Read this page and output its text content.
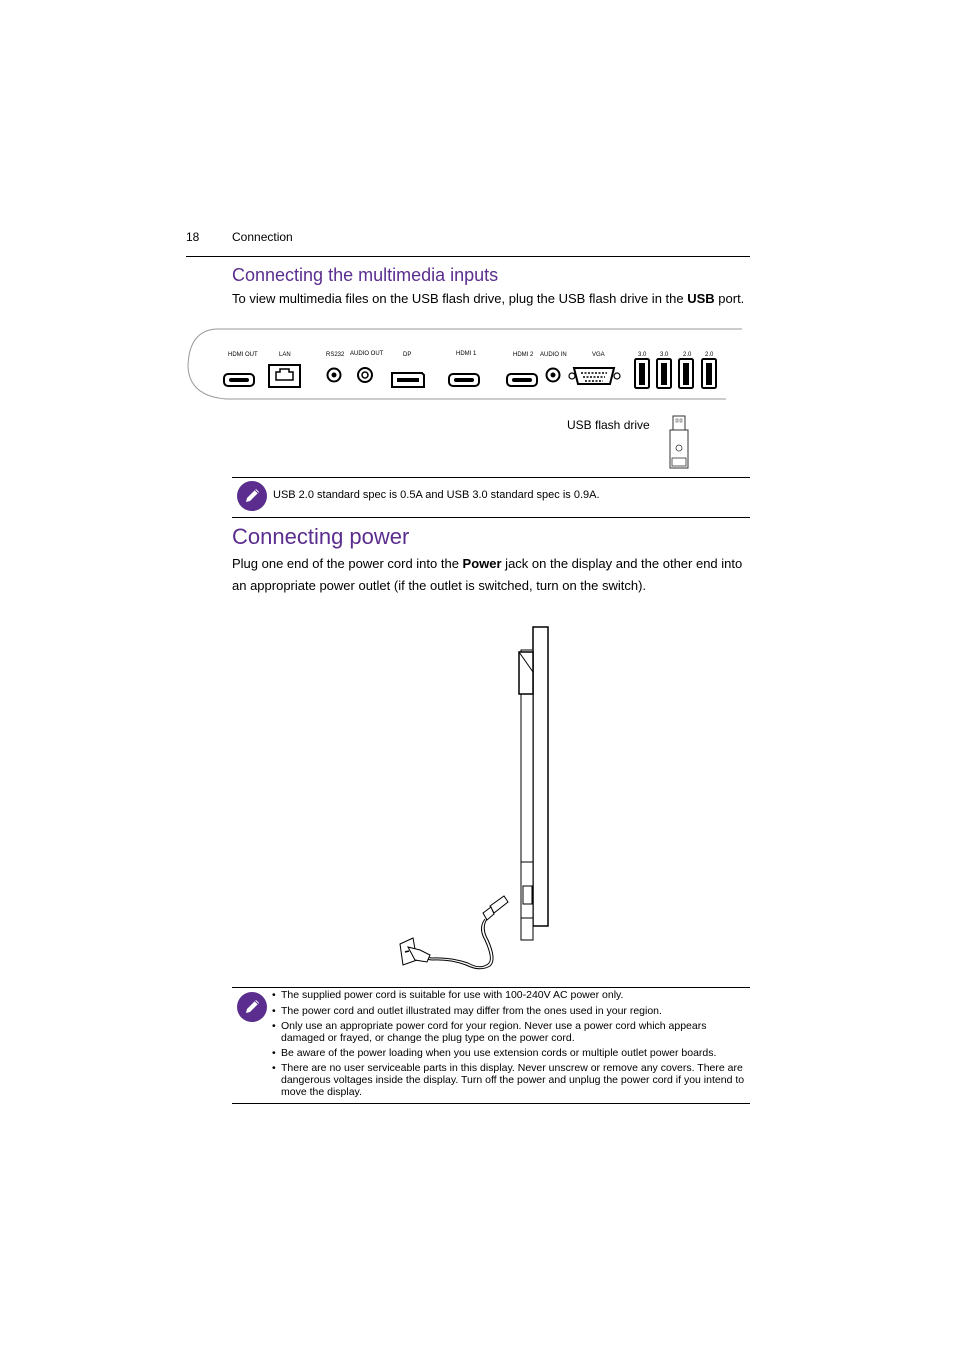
18	Connection
Connecting the multimedia inputs
To view multimedia files on the USB flash drive, plug the USB flash drive in the USB port.
HDMI OUT	LAN	RS232 AUDIO OUT	DP	HDMI 1	HDMI 2 AUDIO IN	VGA	3.0 3.0 2.0 2.0
USB flash drive
USB 2.0 standard spec is 0.5A and USB 3.0 standard spec is 0.9A.
Connecting power
Plug one end of the power cord into the Power jack on the display and the other end into an appropriate power outlet (if the outlet is switched, turn on the switch).
• The supplied power cord is suitable for use with 100-240V AC power only.
• The power cord and outlet illustrated may differ from the ones used in your region.
• Only use an appropriate power cord for your region. Never use a power cord which appears damaged or frayed, or change the plug type on the power cord.
• Be aware of the power loading when you use extension cords or multiple outlet power boards.
• There are no user serviceable parts in this display. Never unscrew or remove any covers. There are dangerous voltages inside the display. Turn off the power and unplug the power cord if you intend to move the display.
